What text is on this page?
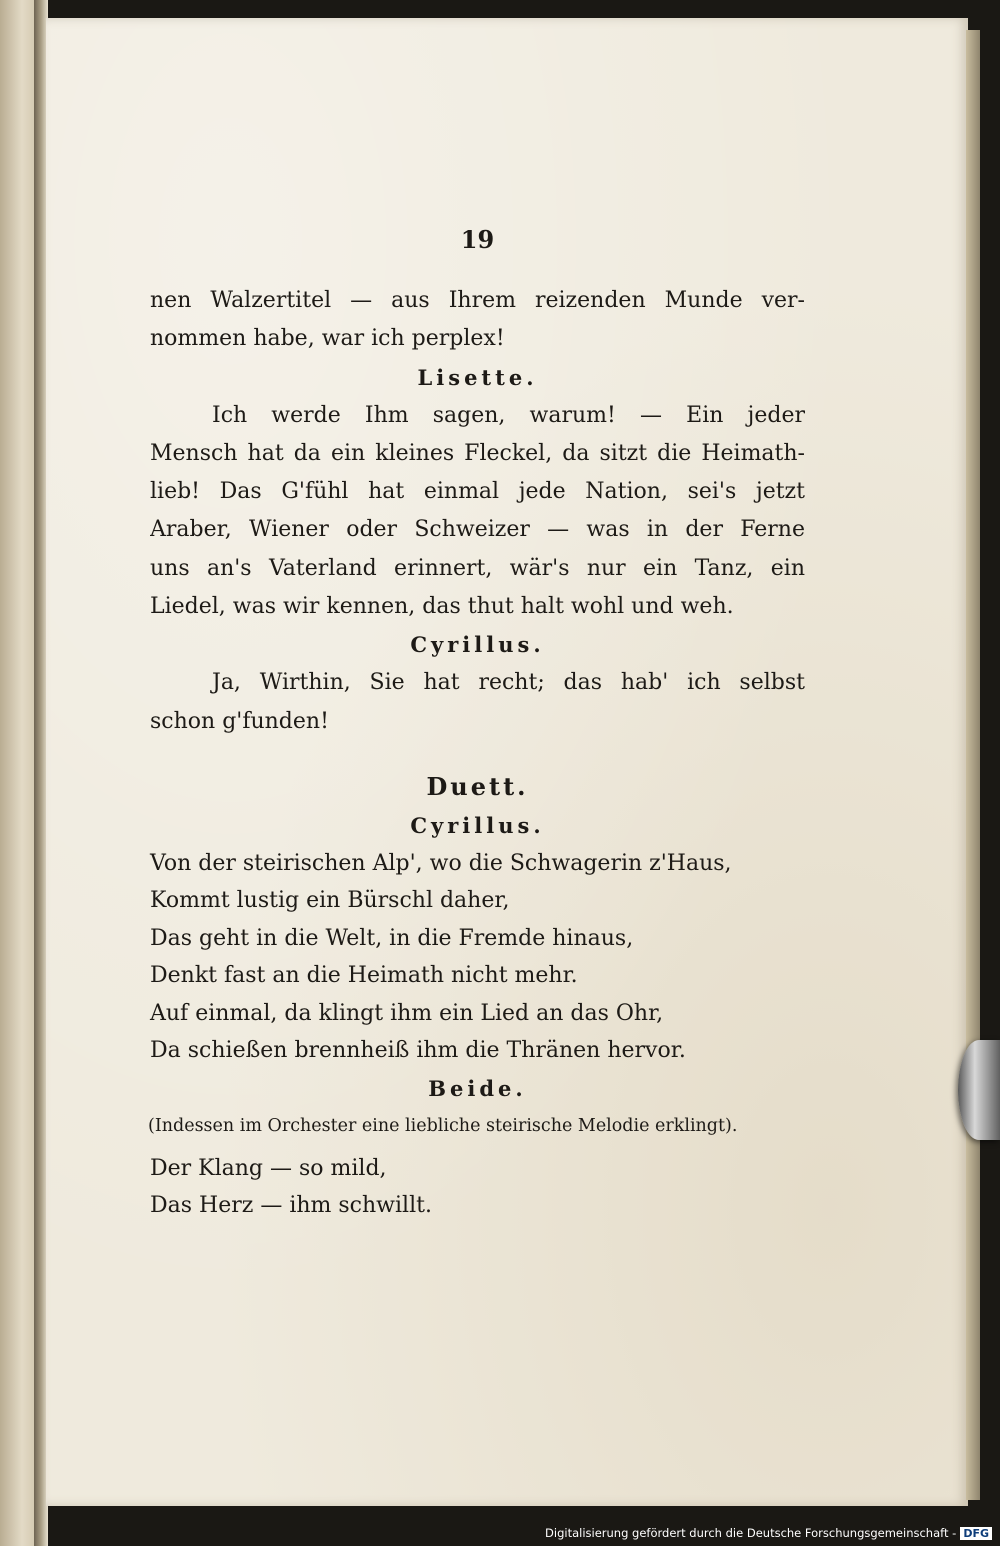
19
nen Walzertitel — aus Ihrem reizenden Munde ver-
nommen habe, war ich perplex!
Lisette.
Ich werde Ihm sagen, warum! — Ein jeder
Mensch hat da ein kleines Fleckel, da sitzt die Heimath-
lieb! Das G'fühl hat einmal jede Nation, sei's jetzt
Araber, Wiener oder Schweizer — was in der Ferne
uns an's Vaterland erinnert, wär's nur ein Tanz, ein
Liedel, was wir kennen, das thut halt wohl und weh.
Cyrillus.
Ja, Wirthin, Sie hat recht; das hab' ich selbst
schon g'funden!
Duett.
Cyrillus.
Von der steirischen Alp', wo die Schwagerin z'Haus,
Kommt lustig ein Bürschl daher,
Das geht in die Welt, in die Fremde hinaus,
Denkt fast an die Heimath nicht mehr.
Auf einmal, da klingt ihm ein Lied an das Ohr,
Da schießen brennheiß ihm die Thränen hervor.
Beide.
(Indessen im Orchester eine liebliche steirische Melodie erklingt).
Der Klang — so mild,
Das Herz — ihm schwillt.
Digitalisierung gefördert durch die Deutsche Forschungsgemeinschaft - DFG
